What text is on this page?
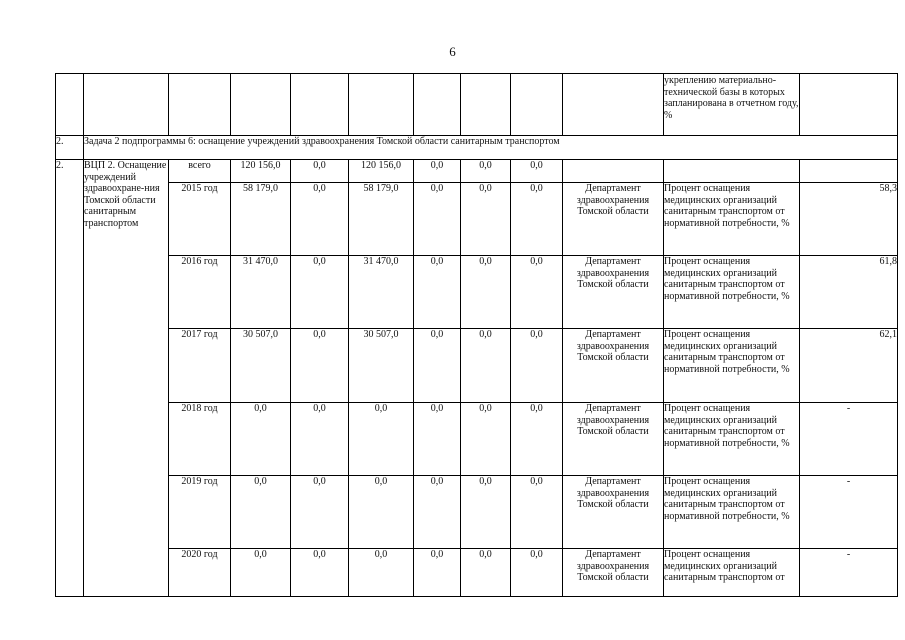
6
										укреплению материально-технической базы в которых запланирована в отчетном году, %	
2.	Задача 2 подпрограммы 6: оснащение учреждений здравоохранения Томской области санитарным транспортом										
2.	ВЦП 2. Оснащение учреждений здравоохране-ния Томской области санитарным транспортом	всего	120 156,0	0,0	120 156,0	0,0	0,0	0,0			
		2015 год	58 179,0	0,0	58 179,0	0,0	0,0	0,0	Департамент здравоохранения Томской области	Процент оснащения медицинских организаций санитарным транспортом от нормативной потребности, %	58,3
		2016 год	31 470,0	0,0	31 470,0	0,0	0,0	0,0	Департамент здравоохранения Томской области	Процент оснащения медицинских организаций санитарным транспортом от нормативной потребности, %	61,8
		2017 год	30 507,0	0,0	30 507,0	0,0	0,0	0,0	Департамент здравоохранения Томской области	Процент оснащения медицинских организаций санитарным транспортом от нормативной потребности, %	62,1
		2018 год	0,0	0,0	0,0	0,0	0,0	0,0	Департамент здравоохранения Томской области	Процент оснащения медицинских организаций санитарным транспортом от нормативной потребности, %	-
		2019 год	0,0	0,0	0,0	0,0	0,0	0,0	Департамент здравоохранения Томской области	Процент оснащения медицинских организаций санитарным транспортом от нормативной потребности, %	-
		2020 год	0,0	0,0	0,0	0,0	0,0	0,0	Департамент здравоохранения Томской области	Процент оснащения медицинских организаций санитарным транспортом от	-
